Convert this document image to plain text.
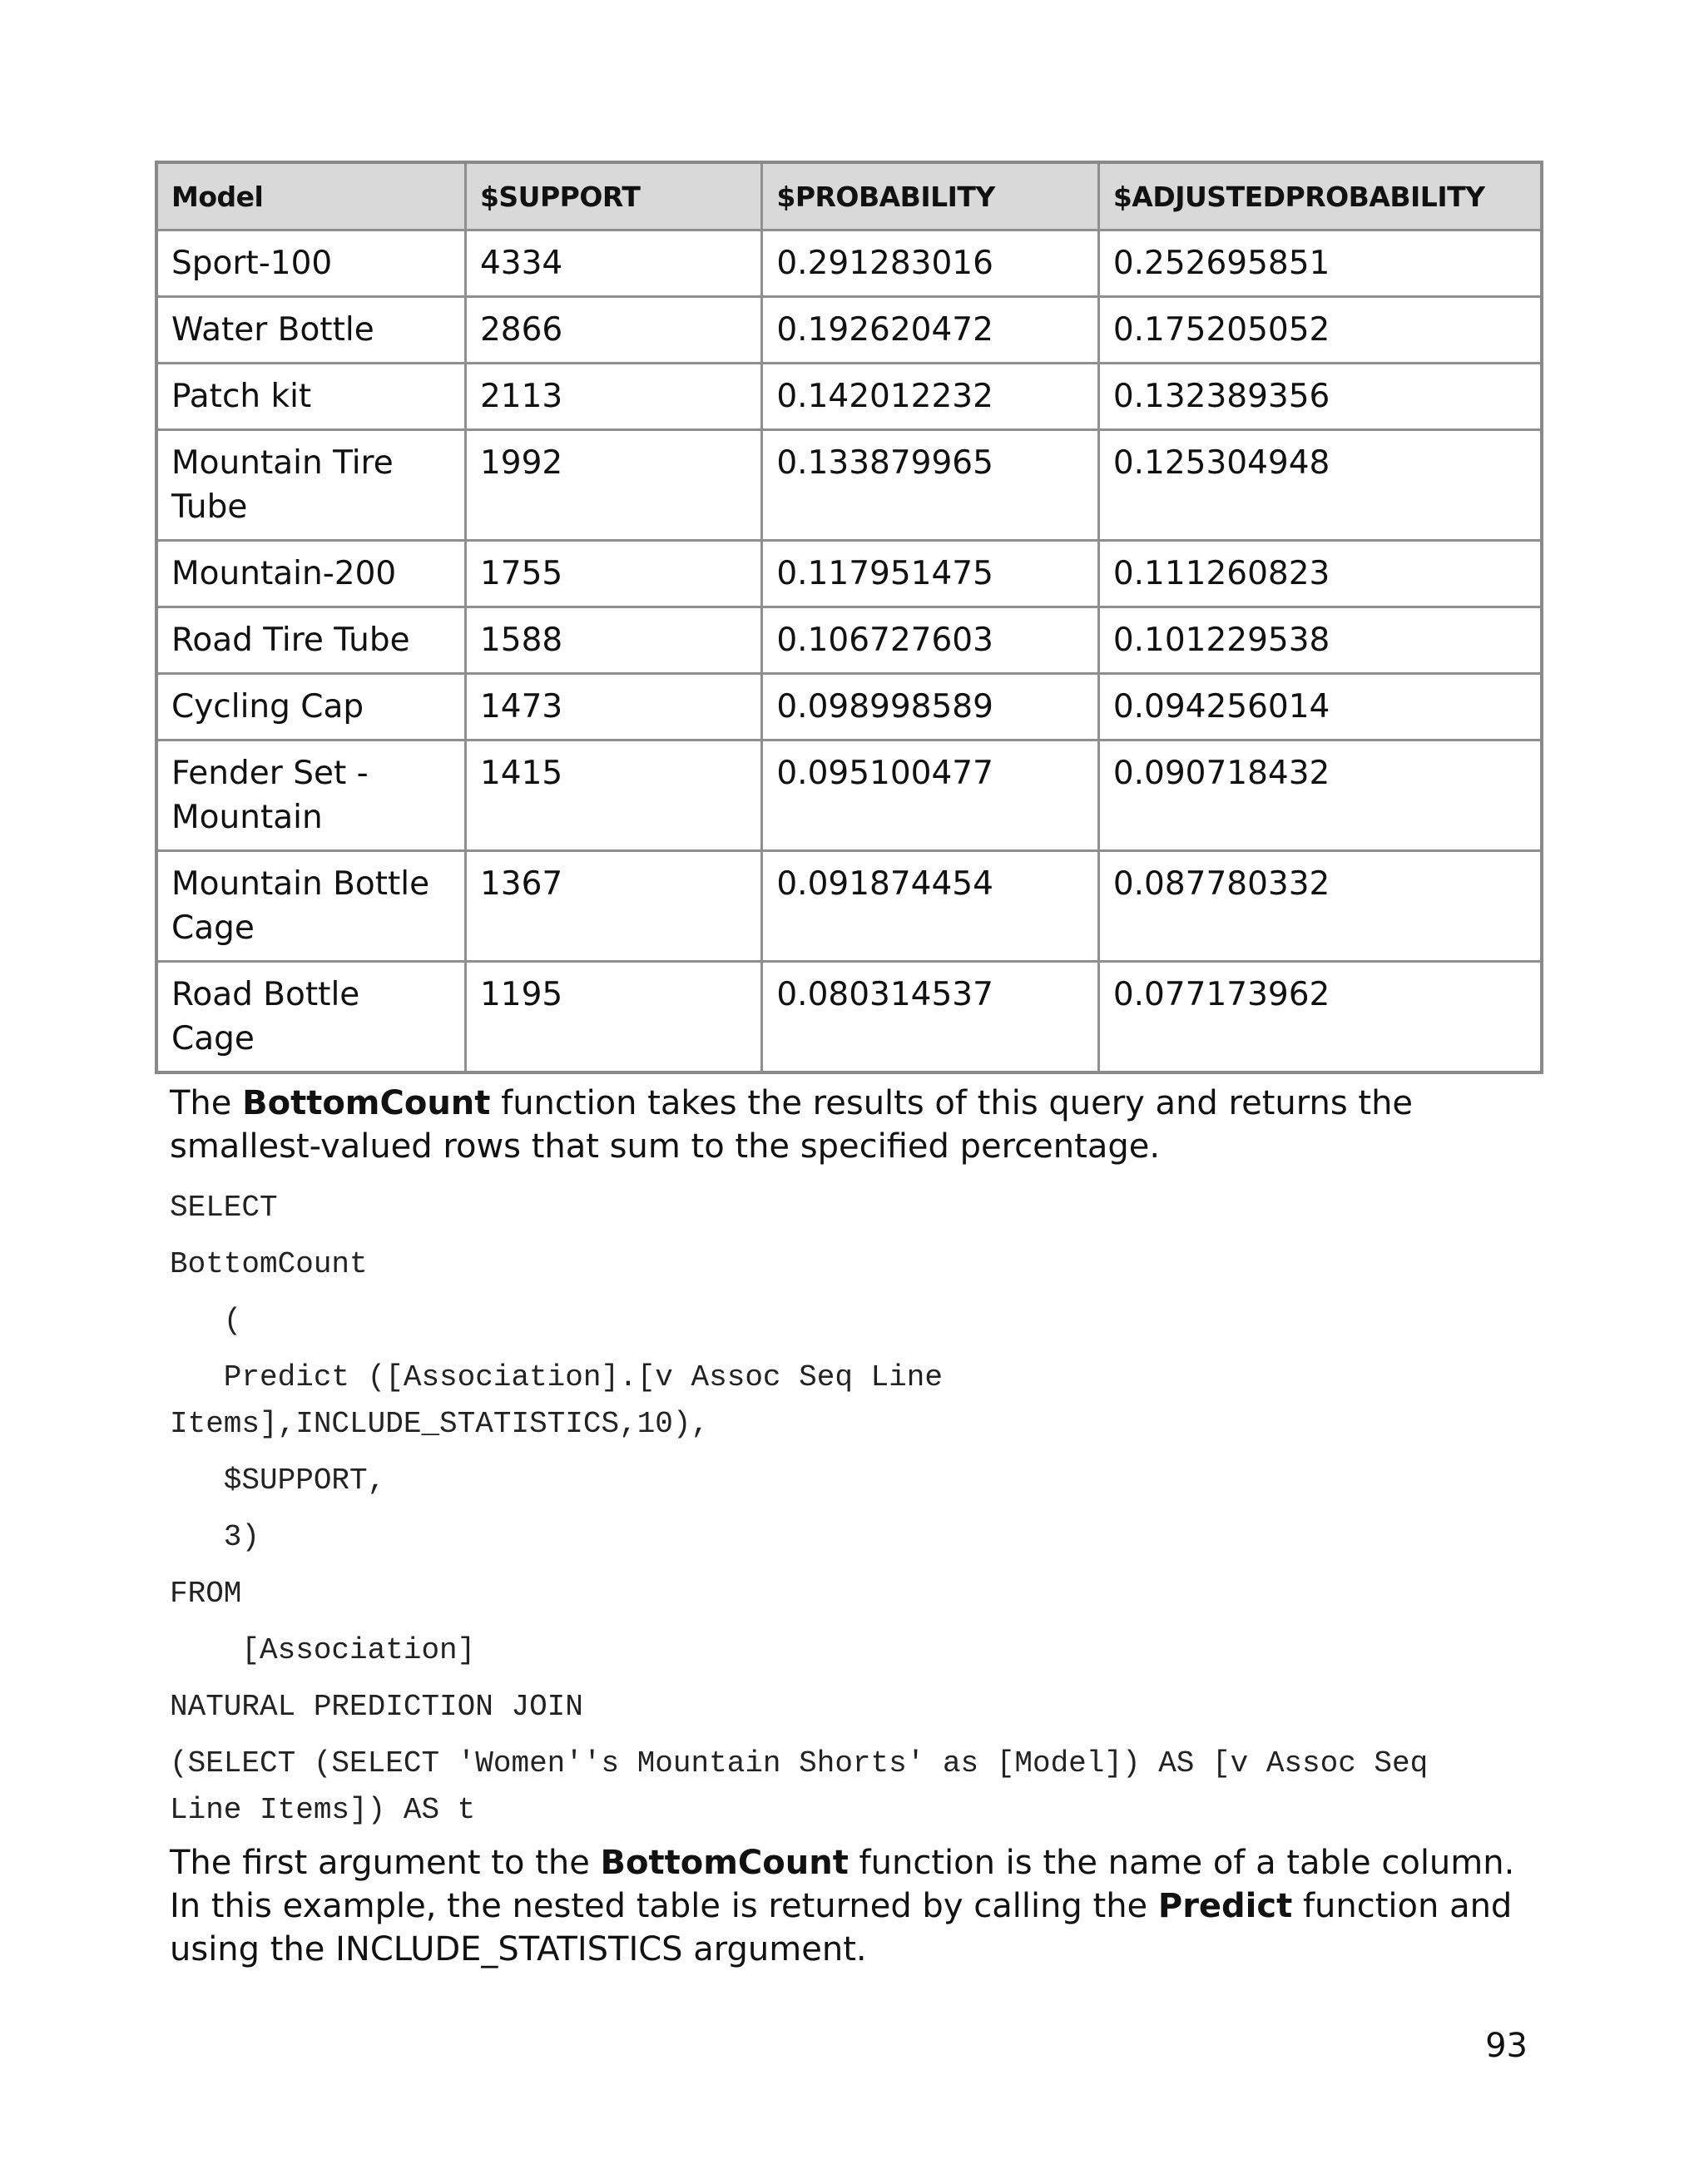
Model	$SUPPORT	$PROBABILITY	$ADJUSTEDPROBABILITY
Sport-100	4334	0.291283016	0.252695851
Water Bottle	2866	0.192620472	0.175205052
Patch kit	2113	0.142012232	0.132389356
Mountain Tire Tube	1992	0.133879965	0.125304948
Mountain-200	1755	0.117951475	0.111260823
Road Tire Tube	1588	0.106727603	0.101229538
Cycling Cap	1473	0.098998589	0.094256014
Fender Set - Mountain	1415	0.095100477	0.090718432
Mountain Bottle Cage	1367	0.091874454	0.087780332
Road Bottle Cage	1195	0.080314537	0.077173962

The BottomCount function takes the results of this query and returns the smallest-valued rows that sum to the specified percentage.

SELECT
BottomCount
(
Predict ([Association].[v Assoc Seq Line
Items],INCLUDE_STATISTICS,10),
$SUPPORT,
3)
FROM
[Association]
NATURAL PREDICTION JOIN
(SELECT (SELECT 'Women''s Mountain Shorts' as [Model]) AS [v Assoc Seq
Line Items]) AS t

The first argument to the BottomCount function is the name of a table column. In this example, the nested table is returned by calling the Predict function and using the INCLUDE_STATISTICS argument.

93
